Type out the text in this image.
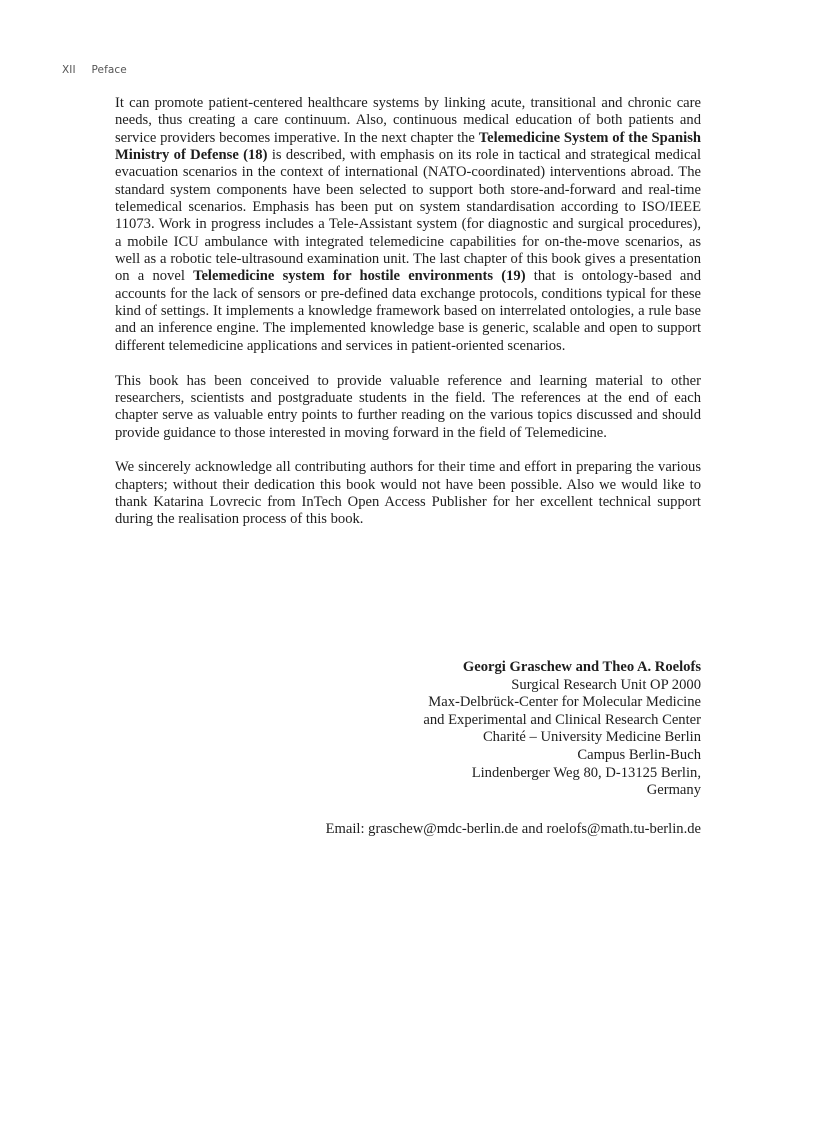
XII Peface

It can promote patient-centered healthcare systems by linking acute, transitional and chronic care needs, thus creating a care continuum. Also, continuous medical education of both patients and service providers becomes imperative. In the next chapter the Telemedicine System of the Spanish Ministry of Defense (18) is described, with emphasis on its role in tactical and strategical medical evacuation scenarios in the context of international (NATO-coordinated) interventions abroad. The standard system components have been selected to support both store-and-forward and real-time telemedical scenarios. Emphasis has been put on system standardisation according to ISO/IEEE 11073. Work in progress includes a Tele-Assistant system (for diagnostic and surgical procedures), a mobile ICU ambulance with integrated telemedicine capabilities for on-the-move scenarios, as well as a robotic tele-ultrasound examination unit. The last chapter of this book gives a presentation on a novel Telemedicine system for hostile environments (19) that is ontology-based and accounts for the lack of sensors or pre-defined data exchange protocols, conditions typical for these kind of settings. It implements a knowledge framework based on interrelated ontologies, a rule base and an inference engine. The implemented knowledge base is generic, scalable and open to support different telemedicine applications and services in patient-oriented scenarios.

This book has been conceived to provide valuable reference and learning material to other researchers, scientists and postgraduate students in the field. The references at the end of each chapter serve as valuable entry points to further reading on the various topics discussed and should provide guidance to those interested in moving forward in the field of Telemedicine.

We sincerely acknowledge all contributing authors for their time and effort in preparing the various chapters; without their dedication this book would not have been possible. Also we would like to thank Katarina Lovrecic from InTech Open Access Publisher for her excellent technical support during the realisation process of this book.

Georgi Graschew and Theo A. Roelofs
Surgical Research Unit OP 2000
Max-Delbrück-Center for Molecular Medicine
and Experimental and Clinical Research Center
Charité – University Medicine Berlin
Campus Berlin-Buch
Lindenberger Weg 80, D-13125 Berlin,
Germany
Email: graschew@mdc-berlin.de and roelofs@math.tu-berlin.de
